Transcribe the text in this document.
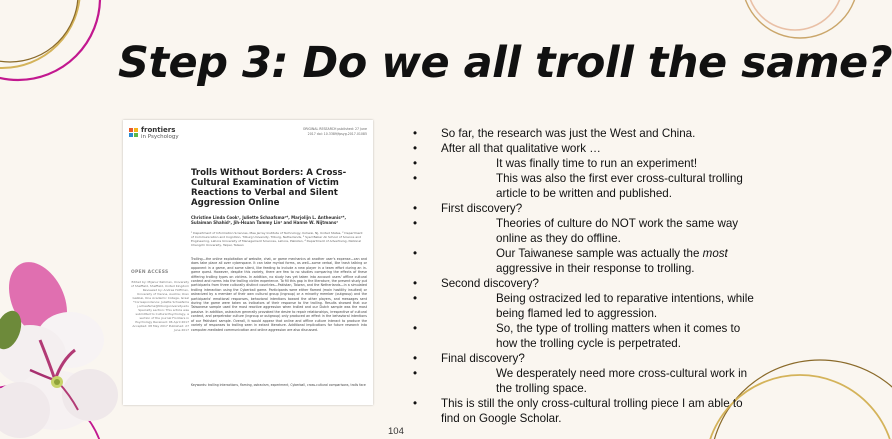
Step 3: Do we all troll the same?
frontiers
in Psychology
ORIGINAL RESEARCH published: 27 June 2017 doi: 10.3389/fpsyg.2017.01085
Trolls Without Borders: A Cross-Cultural Examination of Victim Reactions to Verbal and Silent Aggression Online
Christine Linda Cook¹, Juliette Schaafsma²*, Marjolijn L. Antheunis²*, Sulaiman Shahid³, Jih-Hsuan Tammy Lin⁴ and Hanne W. Nijtmans²
¹ Department of Information Sciences, Mae Jerray Institute of Technology, Kohwai, NJ, United States, ² Department of Communication and Cognition, Tilburg University, Tilburg, Netherlands, ³ Syed Babar Ali School of Science and Engineering, Lahore University of Management Sciences, Lahore, Pakistan, ⁴ Department of Advertising, National Chengchi University, Taipei, Taiwan
OPEN ACCESS
Edited by: Mijanur Rahman, University of Sheffield, Sheffield, United Kingdom Reviewed by: Andrea Hoffman, University of Vienna, Austria; Oren Gabbai, One Academic College, Israel *Correspondence: Juliette Schaafsma j.schaafsma@tilburguniversity.edu Specialty section: This article was submitted to Cultural Psychology, a section of the journal Frontiers in Psychology Received: 06 April 2017 Accepted: 08 May 2017 Published: 27 June 2017
Trolling—the online exploitation of website, chat, or game mechanics at another user's expense—can and does take place all over cyberspace. It can take myriad forms, as well—some verbal, like trash talking or opponent in a game, and some silent, like feeding to include a new player in a team effort during an in-game quest. However, despite this variety, there are few to no studies comparing the effects of these differing trolling types on victims. In addition, no study has yet taken into account users' offline cultural context and norms into the trolling victim experience. To fill this gap in the literature, the present study put participants from three culturally distinct countries—Pakistan, Taiwan, and the Netherlands—in a simulated trolling interaction using the Cyberball game. Participants were either flamed (main hostility insulted) or ostracized by a member of their own cultural group (ingroup) or a minority member (outgroup) and the participants' emotional responses, behavioral intentions toward the other players, and messages sent during the game were taken as indicators of their response to the trolling. Results showed that our Taiwanese sample used the most reactive aggression when trolled and our Dutch sample was the most passive. In addition, ostracism generally provoked the desire to repair relationships, irrespective of cultural context, and perpetrator culture (ingroup or outgroup) only produced an effect in the behavioral intentions of our Pakistani sample. Overall, it would appear that online and offline culture interact to produce the variety of responses to trolling seen in extant literature. Additional implications for future research into computer-mediated communication and online aggression are also discussed.
Keywords: trolling interactions, flaming, ostracism, experiment, Cyberball, cross-cultural comparisons, trolls face
•	So far, the research was just the West and China.
•	After all that qualitative work …
•	It was finally time to run an experiment!
•	This was also the first ever cross-cultural trolling article to be written and published.
•	First discovery?
•	Theories of culture do NOT work the same way online as they do offline.
•	Our Taiwanese sample was actually the most aggressive in their response to trolling.
•	Second discovery?
•	Being ostracized led to reparative intentions, while being flamed led to aggression.
•	So, the type of trolling matters when it comes to how the trolling cycle is perpetrated.
•	Final discovery?
•	We desperately need more cross-cultural work in the trolling space.
•	This is still the only cross-cultural trolling piece I am able to find on Google Scholar.
104
